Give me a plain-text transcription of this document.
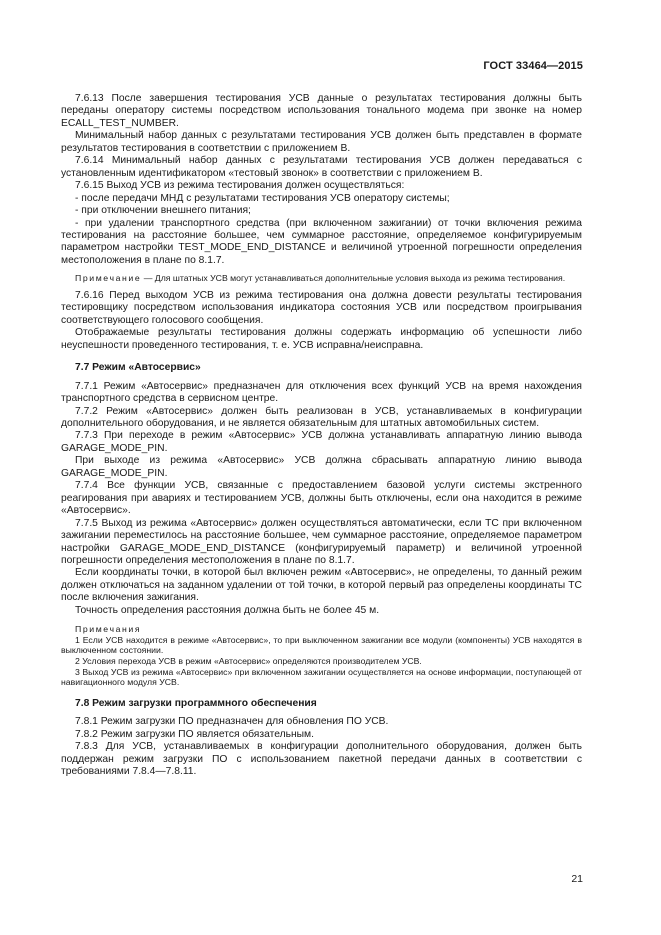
ГОСТ 33464—2015

7.6.13 После завершения тестирования УСВ данные о результатах тестирования должны быть переданы оператору системы посредством использования тонального модема при звонке на номер ECALL_TEST_NUMBER.

Минимальный набор данных с результатами тестирования УСВ должен быть представлен в формате результатов тестирования в соответствии с приложением В.

7.6.14 Минимальный набор данных с результатами тестирования УСВ должен передаваться с установленным идентификатором «тестовый звонок» в соответствии с приложением В.

7.6.15 Выход УСВ из режима тестирования должен осуществляться:

- после передачи МНД с результатами тестирования УСВ оператору системы;

- при отключении внешнего питания;

- при удалении транспортного средства (при включенном зажигании) от точки включения режима тестирования на расстояние большее, чем суммарное расстояние, определяемое конфигурируемым параметром настройки TEST_MODE_END_DISTANCE и величиной утроенной погрешности определения местоположения в плане по 8.1.7.

Примечание — Для штатных УСВ могут устанавливаться дополнительные условия выхода из режима тестирования.

7.6.16 Перед выходом УСВ из режима тестирования она должна довести результаты тестирования тестировщику посредством использования индикатора состояния УСВ или посредством проигрывания соответствующего голосового сообщения.

Отображаемые результаты тестирования должны содержать информацию об успешности либо неуспешности проведенного тестирования, т. е. УСВ исправна/неисправна.

7.7 Режим «Автосервис»

7.7.1 Режим «Автосервис» предназначен для отключения всех функций УСВ на время нахождения транспортного средства в сервисном центре.

7.7.2 Режим «Автосервис» должен быть реализован в УСВ, устанавливаемых в конфигурации дополнительного оборудования, и не является обязательным для штатных автомобильных систем.

7.7.3 При переходе в режим «Автосервис» УСВ должна устанавливать аппаратную линию вывода GARAGE_MODE_PIN.

При выходе из режима «Автосервис» УСВ должна сбрасывать аппаратную линию вывода GARAGE_MODE_PIN.

7.7.4 Все функции УСВ, связанные с предоставлением базовой услуги системы экстренного реагирования при авариях и тестированием УСВ, должны быть отключены, если она находится в режиме «Автосервис».

7.7.5 Выход из режима «Автосервис» должен осуществляться автоматически, если ТС при включенном зажигании переместилось на расстояние большее, чем суммарное расстояние, определяемое параметром настройки GARAGE_MODE_END_DISTANCE (конфигурируемый параметр) и величиной утроенной погрешности определения местоположения в плане по 8.1.7.

Если координаты точки, в которой был включен режим «Автосервис», не определены, то данный режим должен отключаться на заданном удалении от той точки, в которой первый раз определены координаты ТС после включения зажигания.

Точность определения расстояния должна быть не более 45 м.

Примечания
1 Если УСВ находится в режиме «Автосервис», то при выключенном зажигании все модули (компоненты) УСВ находятся в выключенном состоянии.
2 Условия перехода УСВ в режим «Автосервис» определяются производителем УСВ.
3 Выход УСВ из режима «Автосервис» при включенном зажигании осуществляется на основе информации, поступающей от навигационного модуля УСВ.
7.8 Режим загрузки программного обеспечения

7.8.1 Режим загрузки ПО предназначен для обновления ПО УСВ.

7.8.2 Режим загрузки ПО является обязательным.

7.8.3 Для УСВ, устанавливаемых в конфигурации дополнительного оборудования, должен быть поддержан режим загрузки ПО с использованием пакетной передачи данных в соответствии с требованиями 7.8.4—7.8.11.

21
